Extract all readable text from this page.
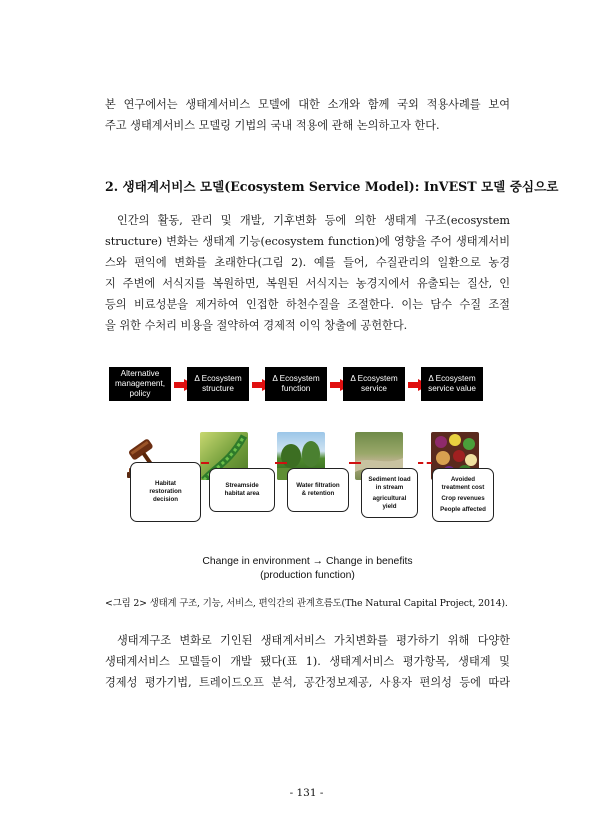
본 연구에서는 생태계서비스 모델에 대한 소개와 함께 국외 적용사례를 보여
주고 생태계서비스 모델링 기법의 국내 적용에 관해 논의하고자 한다.
2. 생태계서비스 모델(Ecosystem Service Model): InVEST 모델 중심으로
인간의 활동, 관리 및 개발, 기후변화 등에 의한 생태계 구조(ecosystem
structure) 변화는 생태계 기능(ecosystem function)에 영향을 주어 생태계서비
스와 편익에 변화를 초래한다(그림 2). 예를 들어, 수질관리의 일환으로 농경
지 주변에 서식지를 복원하면, 복원된 서식지는 농경지에서 유출되는 질산, 인
등의 비료성분을 제거하여 인접한 하천수질을 조절한다. 이는 담수 수질 조절
을 위한 수처리 비용을 절약하여 경제적 이익 창출에 공헌한다.
Alternative
management,
policy
Δ Ecosystem
structure
Δ Ecosystem
function
Δ Ecosystem
service
Δ Ecosystem
service value
Habitat
restoration
decision
Streamside
habitat area
Water filtration
& retention
Sediment load
in stream
agricultural
yield
Avoided
treatment cost
Crop revenues
People affected
Change in environment → Change in benefits
(production function)
<그림 2> 생태계 구조, 기능, 서비스, 편익간의 관계흐름도(The Natural Capital Project, 2014).
생태계구조 변화로 기인된 생태계서비스 가치변화를 평가하기 위해 다양한
생태계서비스 모델들이 개발 됐다(표 1). 생태계서비스 평가항목, 생태계 및
경제성 평가기법, 트레이드오프 분석, 공간정보제공, 사용자 편의성 등에 따라
- 131 -
